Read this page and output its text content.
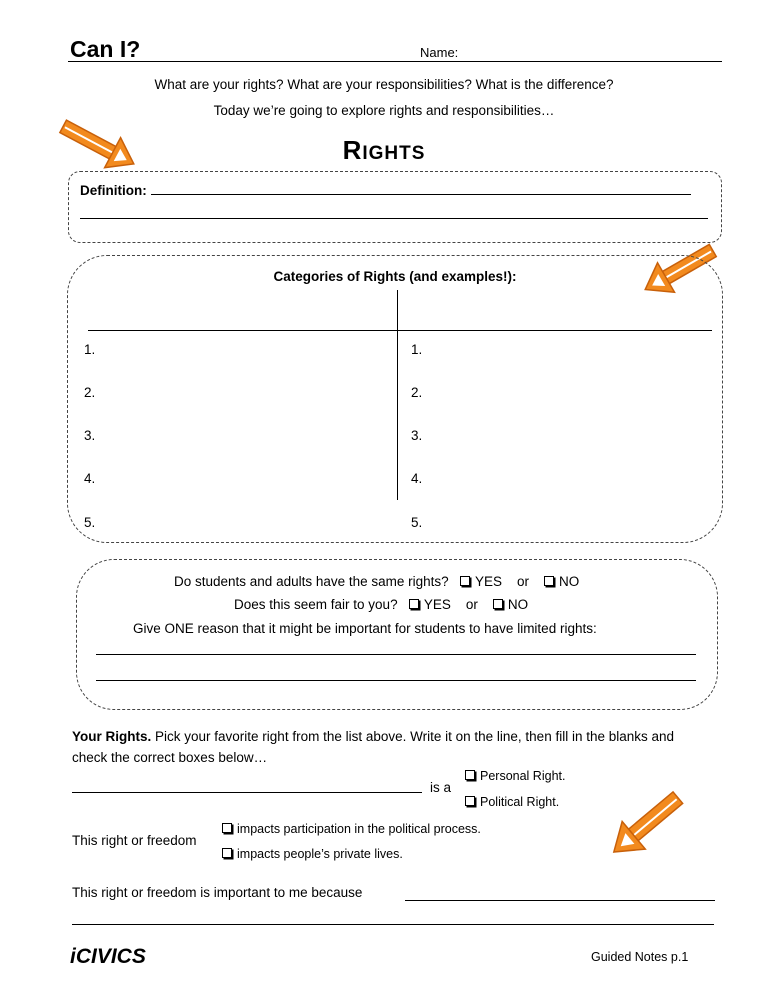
Can I?	Name:
What are your rights? What are your responsibilities? What is the difference?
Today we’re going to explore rights and responsibilities…
RIGHTS
Definition:
Categories of Rights (and examples!):
1.
2.
3.
4.
5.
1.
2.
3.
4.
5.
Do students and adults have the same rights? YES or NO
Does this seem fair to you? YES or NO
Give ONE reason that it might be important for students to have limited rights:
Your Rights. Pick your favorite right from the list above. Write it on the line, then fill in the blanks and check the correct boxes below…
is a
Personal Right.
Political Right.
This right or freedom
impacts participation in the political process.
impacts people’s private lives.
This right or freedom is important to me because
iCIVICS	Guided Notes p.1
